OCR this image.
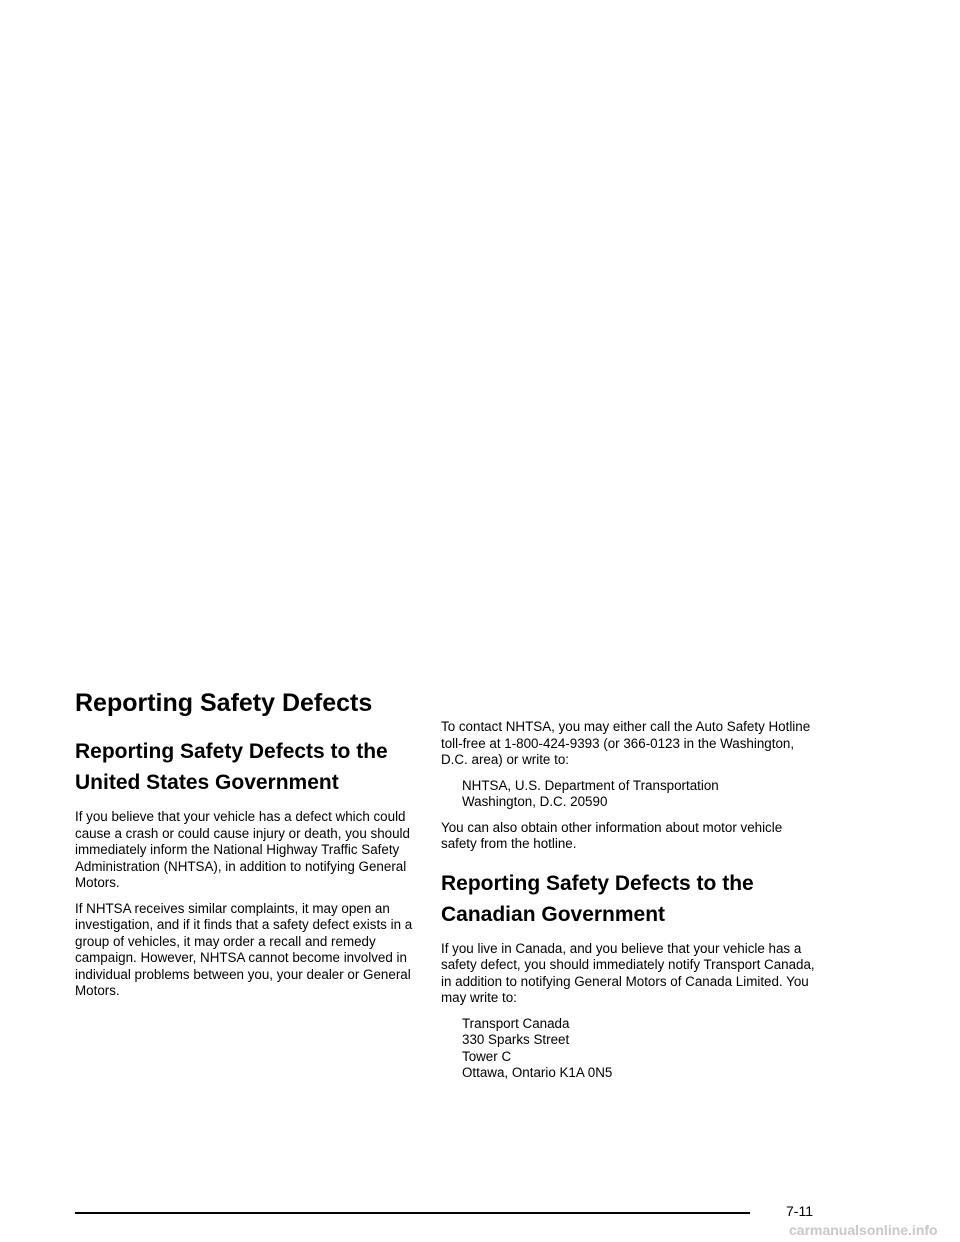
Reporting Safety Defects
Reporting Safety Defects to the
United States Government

If you believe that your vehicle has a defect which could cause a crash or could cause injury or death, you should immediately inform the National Highway Traffic Safety Administration (NHTSA), in addition to notifying General Motors.

If NHTSA receives similar complaints, it may open an investigation, and if it finds that a safety defect exists in a group of vehicles, it may order a recall and remedy campaign. However, NHTSA cannot become involved in individual problems between you, your dealer or General Motors.

To contact NHTSA, you may either call the Auto Safety Hotline toll-free at 1-800-424-9393 (or 366-0123 in the Washington, D.C. area) or write to:

NHTSA, U.S. Department of Transportation
Washington, D.C. 20590

You can also obtain other information about motor vehicle safety from the hotline.

Reporting Safety Defects to the
Canadian Government

If you live in Canada, and you believe that your vehicle has a safety defect, you should immediately notify Transport Canada, in addition to notifying General Motors of Canada Limited. You may write to:

Transport Canada
330 Sparks Street
Tower C
Ottawa, Ontario K1A 0N5
7-11
carmanualsonline.info
